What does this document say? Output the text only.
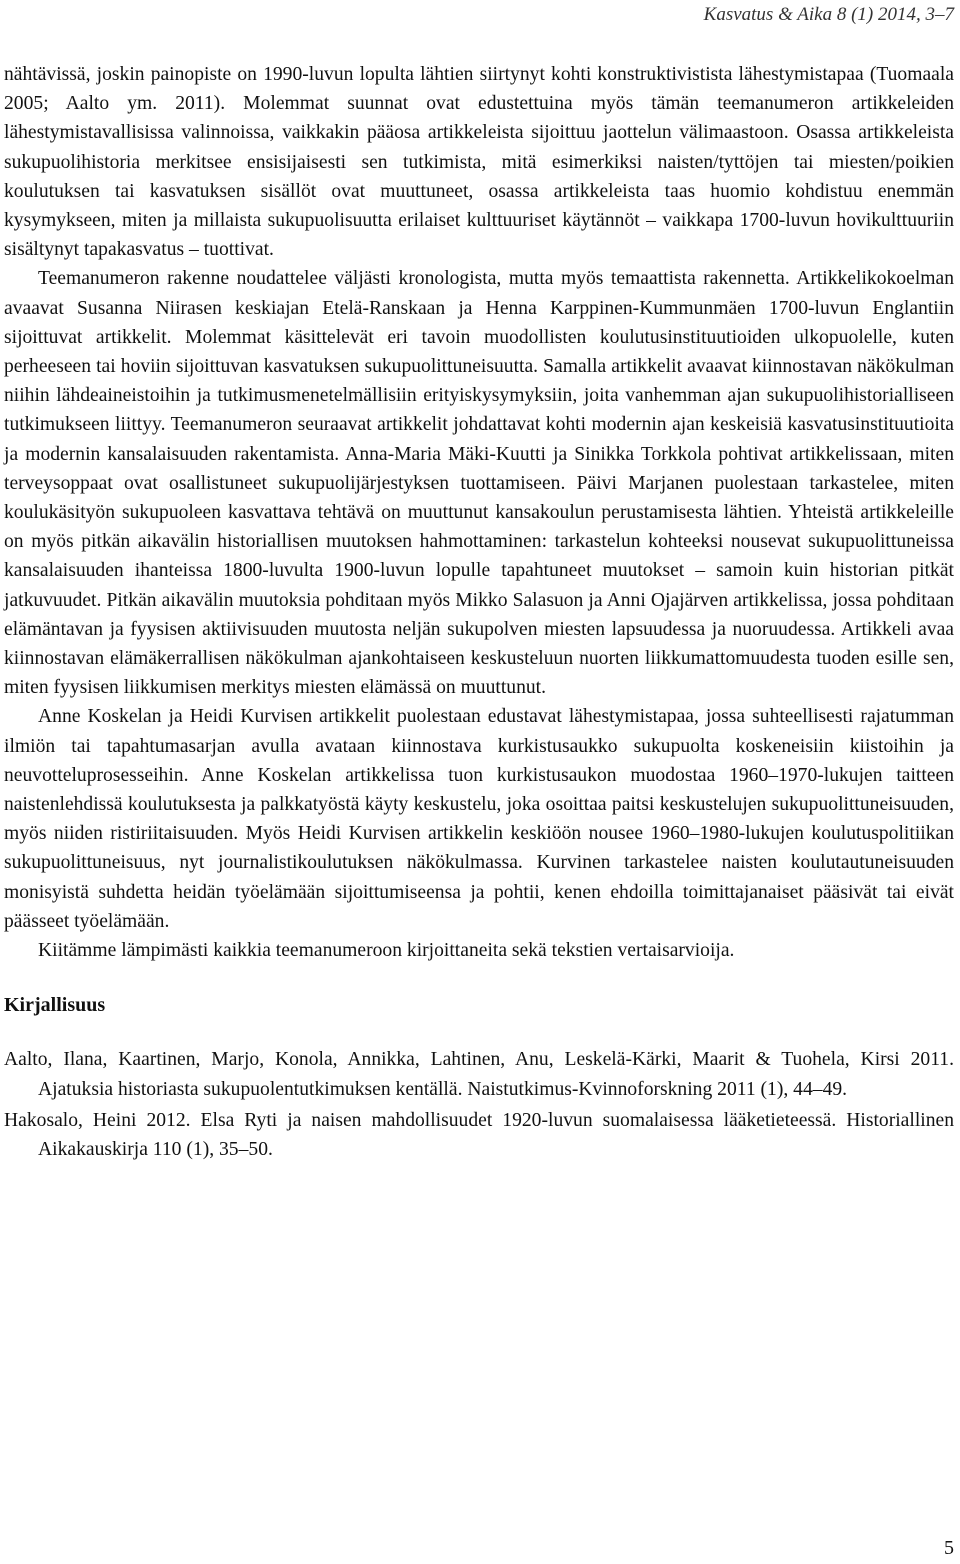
Kasvatus & Aika 8 (1) 2014, 3–7

nähtävissä, joskin painopiste on 1990-luvun lopulta lähtien siirtynyt kohti konstruktivistista lähestymistapaa (Tuomaala 2005; Aalto ym. 2011). Molemmat suunnat ovat edustettuina myös tämän teemanumeron artikkeleiden lähestymistavallisissa valinnoissa, vaikkakin pääosa artikkeleista sijoittuu jaottelun välimaastoon. Osassa artikkeleista sukupuolihistoria merkitsee ensisijaisesti sen tutkimista, mitä esimerkiksi naisten/tyttöjen tai miesten/poikien koulutuksen tai kasvatuksen sisällöt ovat muuttuneet, osassa artikkeleista taas huomio kohdistuu enemmän kysymykseen, miten ja millaista sukupuolisuutta erilaiset kulttuuriset käytännöt – vaikkapa 1700-luvun hovikulttuuriin sisältynyt tapakasvatus – tuottivat.

Teemanumeron rakenne noudattelee väljästi kronologista, mutta myös temaattista rakennetta. Artikkelikokoelman avaavat Susanna Niirasen keskiajan Etelä-Ranskaan ja Henna Karppinen-Kummunmäen 1700-luvun Englantiin sijoittuvat artikkelit. Molemmat käsittelevät eri tavoin muodollisten koulutusinstituutioiden ulkopuolelle, kuten perheeseen tai hoviin sijoittuvan kasvatuksen sukupuolittuneisuutta. Samalla artikkelit avaavat kiinnostavan näkökulman niihin lähdeaineistoihin ja tutkimusmenetelmällisiin erityiskysymyksiin, joita vanhemman ajan sukupuolihistorialliseen tutkimukseen liittyy. Teemanumeron seuraavat artikkelit johdattavat kohti modernin ajan keskeisiä kasvatusinstituutioita ja modernin kansalaisuuden rakentamista. Anna-Maria Mäki-Kuutti ja Sinikka Torkkola pohtivat artikkelissaan, miten terveysoppaat ovat osallistuneet sukupuolijärjestyksen tuottamiseen. Päivi Marjanen puolestaan tarkastelee, miten koulukäsityön sukupuoleen kasvattava tehtävä on muuttunut kansakoulun perustamisesta lähtien. Yhteistä artikkeleille on myös pitkän aikavälin historiallisen muutoksen hahmottaminen: tarkastelun kohteeksi nousevat sukupuolittuneissa kansalaisuuden ihanteissa 1800-luvulta 1900-luvun lopulle tapahtuneet muutokset – samoin kuin historian pitkät jatkuvuudet. Pitkän aikavälin muutoksia pohditaan myös Mikko Salasuon ja Anni Ojajärven artikkelissa, jossa pohditaan elämäntavan ja fyysisen aktiivisuuden muutosta neljän sukupolven miesten lapsuudessa ja nuoruudessa. Artikkeli avaa kiinnostavan elämäkerrallisen näkökulman ajankohtaiseen keskusteluun nuorten liikkumattomuudesta tuoden esille sen, miten fyysisen liikkumisen merkitys miesten elämässä on muuttunut.

Anne Koskelan ja Heidi Kurvisen artikkelit puolestaan edustavat lähestymistapaa, jossa suhteellisesti rajatumman ilmiön tai tapahtumasarjan avulla avataan kiinnostava kurkistusaukko sukupuolta koskeneisiin kiistoihin ja neuvotteluprosesseihin. Anne Koskelan artikkelissa tuon kurkistusaukon muodostaa 1960–1970-lukujen taitteen naistenlehdissä koulutuksesta ja palkkatyöstä käyty keskustelu, joka osoittaa paitsi keskustelujen sukupuolittuneisuuden, myös niiden ristiriitaisuuden. Myös Heidi Kurvisen artikkelin keskiöön nousee 1960–1980-lukujen koulutuspolitiikan sukupuolittuneisuus, nyt journalistikoulutuksen näkökulmassa. Kurvinen tarkastelee naisten koulutautuneisuuden monisyistä suhdetta heidän työelämään sijoittumiseensa ja pohtii, kenen ehdoilla toimittajanaiset pääsivät tai eivät päässeet työelämään.

Kiitämme lämpimästi kaikkia teemanumeroon kirjoittaneita sekä tekstien vertaisarvioija.

Kirjallisuus

Aalto, Ilana, Kaartinen, Marjo, Konola, Annikka, Lahtinen, Anu, Leskelä-Kärki, Maarit & Tuohela, Kirsi 2011. Ajatuksia historiasta sukupuolentutkimuksen kentällä. Naistutkimus-Kvinnoforskning 2011 (1), 44–49.

Hakosalo, Heini 2012. Elsa Ryti ja naisen mahdollisuudet 1920-luvun suomalaisessa lääketieteessä. Historiallinen Aikakauskirja 110 (1), 35–50.

5
